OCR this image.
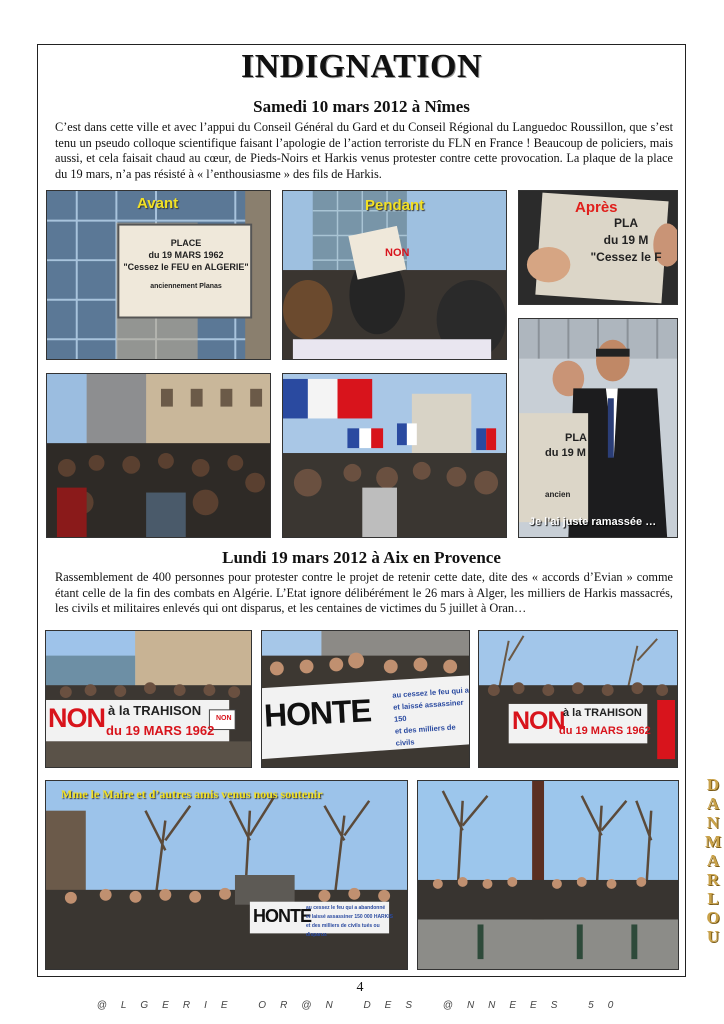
INDIGNATION
Samedi 10 mars 2012 à Nîmes
C’est dans cette ville et avec l’appui du Conseil Général du Gard et du Conseil Régional du Languedoc Roussillon, que s’est tenu un pseudo colloque scientifique faisant l’apologie de l’action terroriste du FLN en France ! Beaucoup de policiers, mais aussi, et cela faisait chaud au cœur, de Pieds-Noirs et Harkis venus protester contre cette provocation. La plaque de la place du 19 mars, n’a pas résisté à « l’enthousiasme » des fils de Harkis.
PLACE
du 19 MARS 1962
"Cessez le FEU en ALGERIE"
anciennement Planas
Avant
NON
Pendant
PLA
du 19 M
"Cessez le F
Après
PLA
du 19 M
ancien
Je l’ai juste ramassée …
Lundi 19 mars 2012 à Aix en Provence
Rassemblement de 400 personnes pour protester contre le projet de retenir cette date, dite des « accords d’Evian » comme étant celle de la fin des combats en Algérie. L’Etat ignore délibérément le 26 mars à Alger, les milliers de Harkis massacrés, les civils et militaires enlevés qui ont disparus, et les centaines de victimes du 5 juillet à Oran…
NON à la TRAHISON
du 19 MARS 1962
NON HONTE	au cessez le feu qui a
et laissé assassiner 150
et des milliers de civils
NON
à la TRAHISON
du 19 MARS 1962
Mme le Maire et d’autres amis venus nous soutenir
HONTE
au cessez le feu qui a abandonné
et laissé assassiner 150 000 HARKIS
et des milliers de civils tués ou disparus
DANMARLOU
4
@LGERIE OR@N DES @NNEES 50
